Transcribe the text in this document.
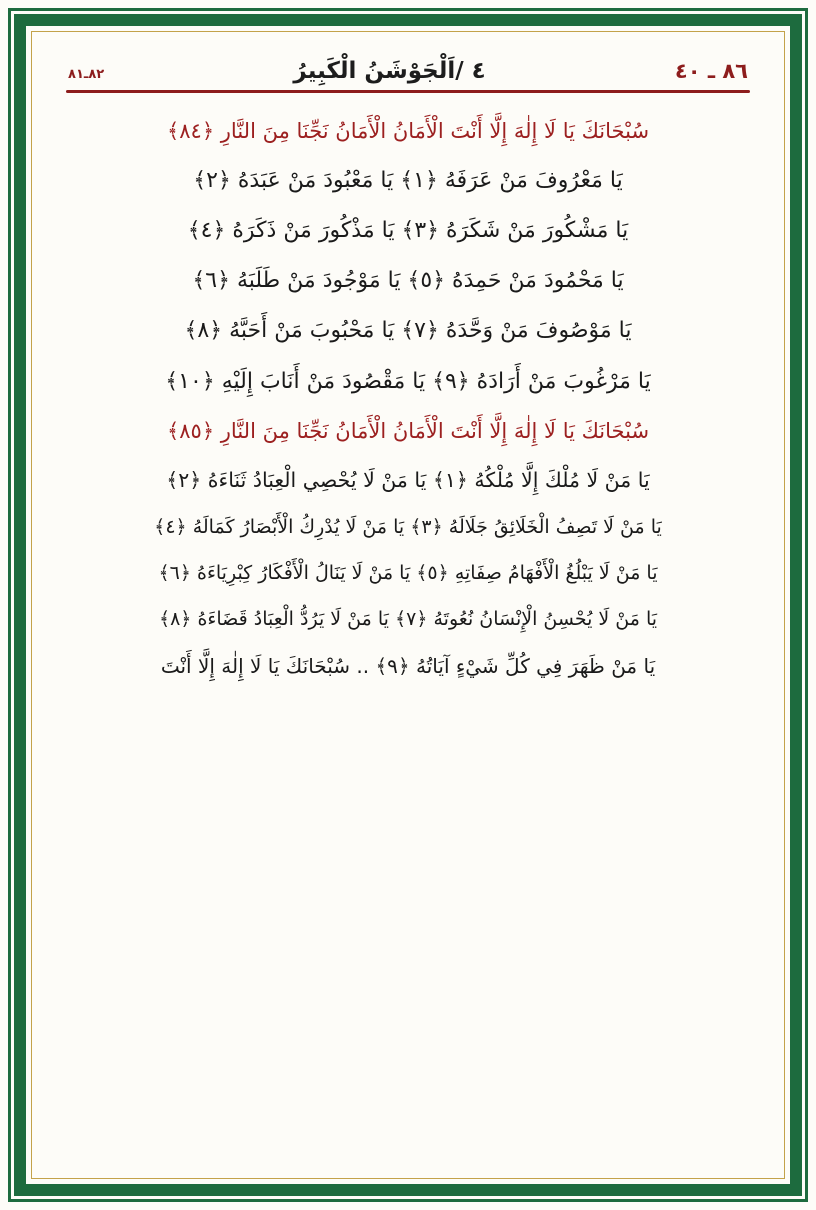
٨٦ ـ ٤٠
٤ /اَلْجَوْشَنُ الْكَبِيرُ
٨٢ـ٨١
سُبْحَانَكَ يَا لَا إِلٰهَ إِلَّا أَنْتَ الْأَمَانُ الْأَمَانُ نَجِّنَا مِنَ النَّارِ ﴿٨٤﴾
يَا مَعْرُوفَ مَنْ عَرَفَهُ ﴿١﴾ يَا مَعْبُودَ مَنْ عَبَدَهُ ﴿٢﴾
يَا مَشْكُورَ مَنْ شَكَرَهُ ﴿٣﴾ يَا مَذْكُورَ مَنْ ذَكَرَهُ ﴿٤﴾
يَا مَحْمُودَ مَنْ حَمِدَهُ ﴿٥﴾ يَا مَوْجُودَ مَنْ طَلَبَهُ ﴿٦﴾
يَا مَوْصُوفَ مَنْ وَحَّدَهُ ﴿٧﴾ يَا مَحْبُوبَ مَنْ أَحَبَّهُ ﴿٨﴾
يَا مَرْغُوبَ مَنْ أَرَادَهُ ﴿٩﴾ يَا مَقْصُودَ مَنْ أَنَابَ إِلَيْهِ ﴿١٠﴾
سُبْحَانَكَ يَا لَا إِلٰهَ إِلَّا أَنْتَ الْأَمَانُ الْأَمَانُ نَجِّنَا مِنَ النَّارِ ﴿٨٥﴾
يَا مَنْ لَا مُلْكَ إِلَّا مُلْكُهُ ﴿١﴾ يَا مَنْ لَا يُحْصِي الْعِبَادُ ثَنَاءَهُ ﴿٢﴾
يَا مَنْ لَا تَصِفُ الْخَلَائِقُ جَلَالَهُ ﴿٣﴾ يَا مَنْ لَا يُدْرِكُ الْأَبْصَارُ كَمَالَهُ ﴿٤﴾
يَا مَنْ لَا يَبْلُغُ الْأَفْهَامُ صِفَاتِهِ ﴿٥﴾ يَا مَنْ لَا يَنَالُ الْأَفْكَارُ كِبْرِيَاءَهُ ﴿٦﴾
يَا مَنْ لَا يُحْسِنُ الْإِنْسَانُ نُعُوتَهُ ﴿٧﴾ يَا مَنْ لَا يَرُدُّ الْعِبَادُ قَضَاءَهُ ﴿٨﴾
يَا مَنْ ظَهَرَ فِي كُلِّ شَيْءٍ آيَاتُهُ ﴿٩﴾ .. سُبْحَانَكَ يَا لَا إِلٰهَ إِلَّا أَنْتَ
